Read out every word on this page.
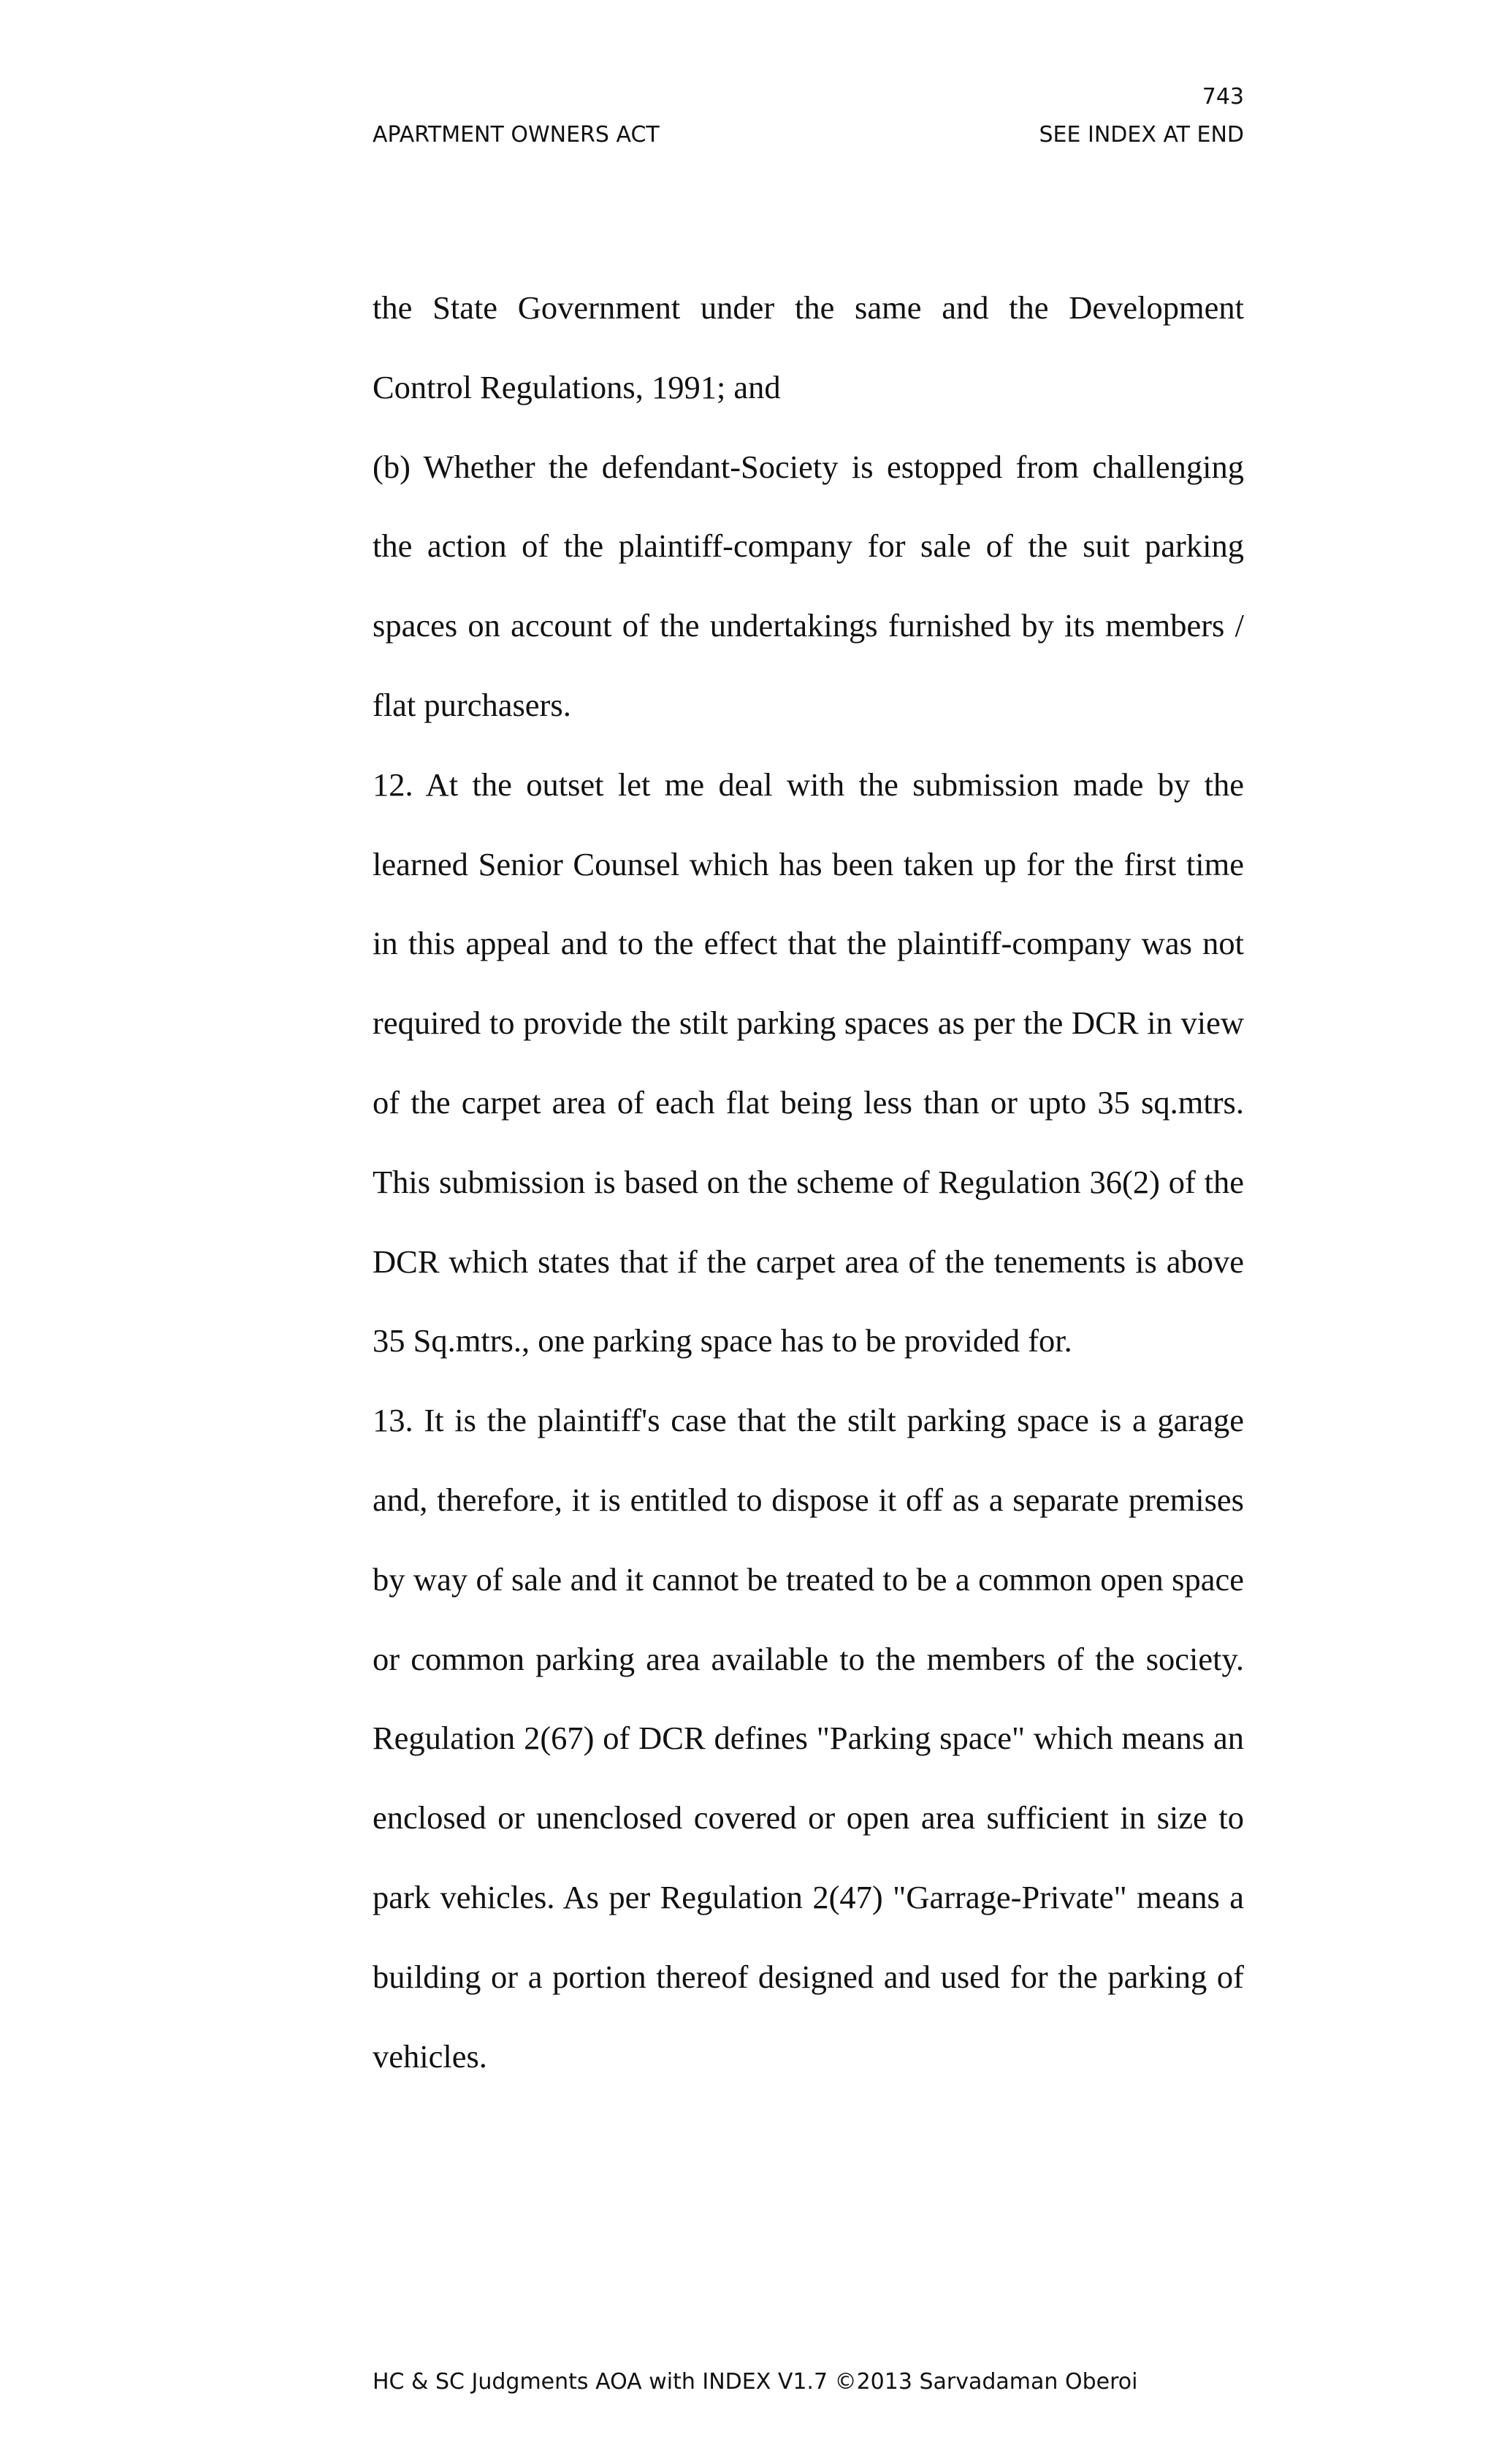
743
APARTMENT OWNERS ACT	SEE INDEX AT END

the State Government under the same and the Development Control Regulations, 1991; and

(b) Whether the defendant-Society is estopped from challenging the action of the plaintiff-company for sale of the suit parking spaces on account of the undertakings furnished by its members / flat purchasers.

12. At the outset let me deal with the submission made by the learned Senior Counsel which has been taken up for the first time in this appeal and to the effect that the plaintiff-company was not required to provide the stilt parking spaces as per the DCR in view of the carpet area of each flat being less than or upto 35 sq.mtrs. This submission is based on the scheme of Regulation 36(2) of the DCR which states that if the carpet area of the tenements is above 35 Sq.mtrs., one parking space has to be provided for.

13. It is the plaintiff's case that the stilt parking space is a garage and, therefore, it is entitled to dispose it off as a separate premises by way of sale and it cannot be treated to be a common open space or common parking area available to the members of the society. Regulation 2(67) of DCR defines "Parking space" which means an enclosed or unenclosed covered or open area sufficient in size to park vehicles. As per Regulation 2(47) "Garrage-Private" means a building or a portion thereof designed and used for the parking of vehicles.

HC & SC Judgments AOA with INDEX V1.7 ©2013 Sarvadaman Oberoi
